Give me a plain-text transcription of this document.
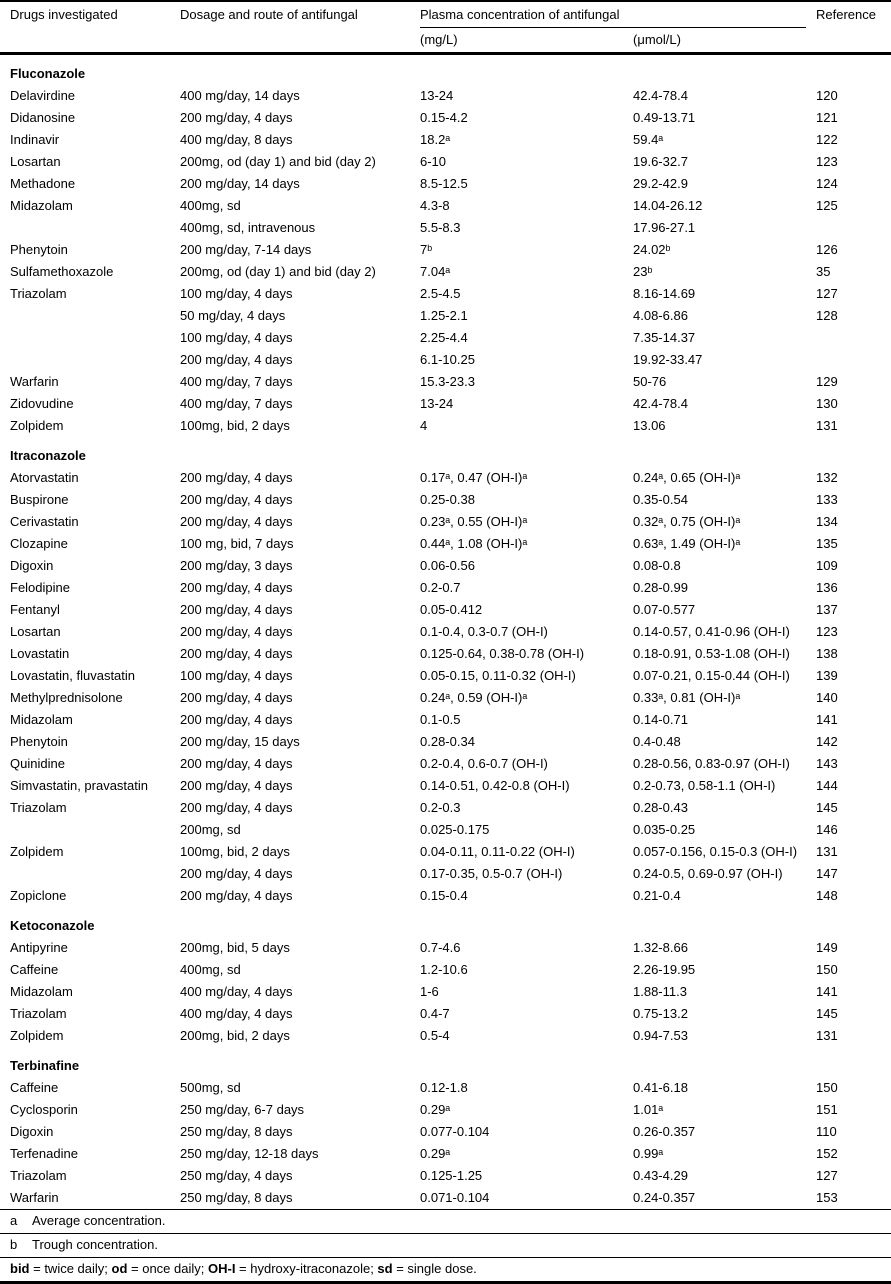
Drugs investigated	Dosage and route of antifungal	Plasma concentration of antifungal		Reference
		(mg/L)	(μmol/L)	
Fluconazole				
Delavirdine	400 mg/day, 14 days	13-24	42.4-78.4	120
Didanosine	200 mg/day, 4 days	0.15-4.2	0.49-13.71	121
Indinavir	400 mg/day, 8 days	18.2ᵃ	59.4ᵃ	122
Losartan	200mg, od (day 1) and bid (day 2)	6-10	19.6-32.7	123
Methadone	200 mg/day, 14 days	8.5-12.5	29.2-42.9	124
Midazolam	400mg, sd	4.3-8	14.04-26.12	125
	400mg, sd, intravenous	5.5-8.3	17.96-27.1	
Phenytoin	200 mg/day, 7-14 days	7ᵇ	24.02ᵇ	126
Sulfamethoxazole	200mg, od (day 1) and bid (day 2)	7.04ᵃ	23ᵇ	35
Triazolam	100 mg/day, 4 days	2.5-4.5	8.16-14.69	127
	50 mg/day, 4 days	1.25-2.1	4.08-6.86	128
	100 mg/day, 4 days	2.25-4.4	7.35-14.37	
	200 mg/day, 4 days	6.1-10.25	19.92-33.47	
Warfarin	400 mg/day, 7 days	15.3-23.3	50-76	129
Zidovudine	400 mg/day, 7 days	13-24	42.4-78.4	130
Zolpidem	100mg, bid, 2 days	4	13.06	131
Itraconazole				
Atorvastatin	200 mg/day, 4 days	0.17ᵃ, 0.47 (OH-I)ᵃ	0.24ᵃ, 0.65 (OH-I)ᵃ	132
Buspirone	200 mg/day, 4 days	0.25-0.38	0.35-0.54	133
Cerivastatin	200 mg/day, 4 days	0.23ᵃ, 0.55 (OH-I)ᵃ	0.32ᵃ, 0.75 (OH-I)ᵃ	134
Clozapine	100 mg, bid, 7 days	0.44ᵃ, 1.08 (OH-I)ᵃ	0.63ᵃ, 1.49 (OH-I)ᵃ	135
Digoxin	200 mg/day, 3 days	0.06-0.56	0.08-0.8	109
Felodipine	200 mg/day, 4 days	0.2-0.7	0.28-0.99	136
Fentanyl	200 mg/day, 4 days	0.05-0.412	0.07-0.577	137
Losartan	200 mg/day, 4 days	0.1-0.4, 0.3-0.7 (OH-I)	0.14-0.57, 0.41-0.96 (OH-I)	123
Lovastatin	200 mg/day, 4 days	0.125-0.64, 0.38-0.78 (OH-I)	0.18-0.91, 0.53-1.08 (OH-I)	138
Lovastatin, fluvastatin	100 mg/day, 4 days	0.05-0.15, 0.11-0.32 (OH-I)	0.07-0.21, 0.15-0.44 (OH-I)	139
Methylprednisolone	200 mg/day, 4 days	0.24ᵃ, 0.59 (OH-I)ᵃ	0.33ᵃ, 0.81 (OH-I)ᵃ	140
Midazolam	200 mg/day, 4 days	0.1-0.5	0.14-0.71	141
Phenytoin	200 mg/day, 15 days	0.28-0.34	0.4-0.48	142
Quinidine	200 mg/day, 4 days	0.2-0.4, 0.6-0.7 (OH-I)	0.28-0.56, 0.83-0.97 (OH-I)	143
Simvastatin, pravastatin	200 mg/day, 4 days	0.14-0.51, 0.42-0.8 (OH-I)	0.2-0.73, 0.58-1.1 (OH-I)	144
Triazolam	200 mg/day, 4 days	0.2-0.3	0.28-0.43	145
	200mg, sd	0.025-0.175	0.035-0.25	146
Zolpidem	100mg, bid, 2 days	0.04-0.11, 0.11-0.22 (OH-I)	0.057-0.156, 0.15-0.3 (OH-I)	131
	200 mg/day, 4 days	0.17-0.35, 0.5-0.7 (OH-I)	0.24-0.5, 0.69-0.97 (OH-I)	147
Zopiclone	200 mg/day, 4 days	0.15-0.4	0.21-0.4	148
Ketoconazole				
Antipyrine	200mg, bid, 5 days	0.7-4.6	1.32-8.66	149
Caffeine	400mg, sd	1.2-10.6	2.26-19.95	150
Midazolam	400 mg/day, 4 days	1-6	1.88-11.3	141
Triazolam	400 mg/day, 4 days	0.4-7	0.75-13.2	145
Zolpidem	200mg, bid, 2 days	0.5-4	0.94-7.53	131
Terbinafine				
Caffeine	500mg, sd	0.12-1.8	0.41-6.18	150
Cyclosporin	250 mg/day, 6-7 days	0.29ᵃ	1.01ᵃ	151
Digoxin	250 mg/day, 8 days	0.077-0.104	0.26-0.357	110
Terfenadine	250 mg/day, 12-18 days	0.29ᵃ	0.99ᵃ	152
Triazolam	250 mg/day, 4 days	0.125-1.25	0.43-4.29	127
Warfarin	250 mg/day, 8 days	0.071-0.104	0.24-0.357	153
a Average concentration.
b Trough concentration.
bid = twice daily; od = once daily; OH-I = hydroxy-itraconazole; sd = single dose.
